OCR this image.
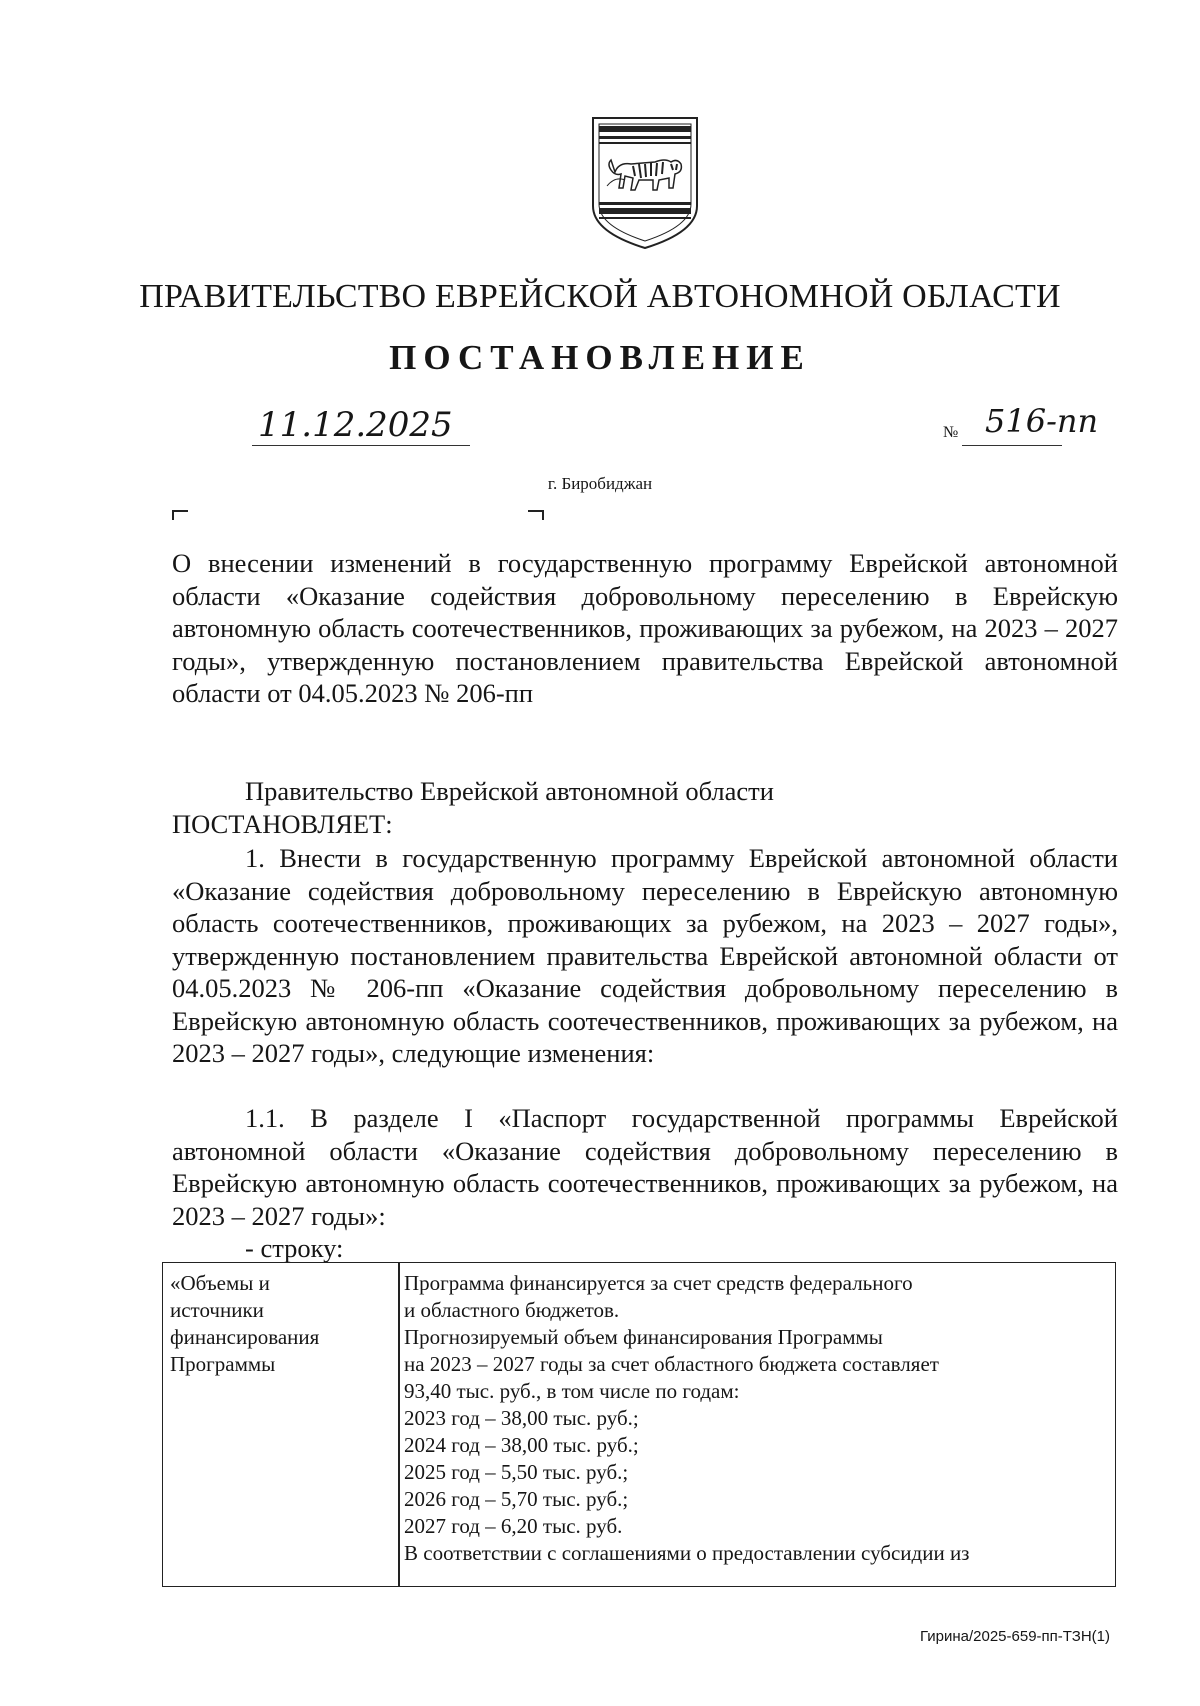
ПРАВИТЕЛЬСТВО ЕВРЕЙСКОЙ АВТОНОМНОЙ ОБЛАСТИ
ПОСТАНОВЛЕНИЕ
11.12.2025	№ 516-пп
г. Биробиджан
О внесении изменений в государственную программу Еврейской автономной области «Оказание содействия добровольному переселению в Еврейскую автономную область соотечественников, проживающих за рубежом, на 2023 – 2027 годы», утвержденную постановлением правительства Еврейской автономной области от 04.05.2023 № 206-пп
Правительство Еврейской автономной области
ПОСТАНОВЛЯЕТ:
1. Внести в государственную программу Еврейской автономной области «Оказание содействия добровольному переселению в Еврейскую автономную область соотечественников, проживающих за рубежом, на 2023 – 2027 годы», утвержденную постановлением правительства Еврейской автономной области от 04.05.2023 № 206-пп «Оказание содействия добровольному переселению в Еврейскую автономную область соотечественников, проживающих за рубежом, на 2023 – 2027 годы», следующие изменения:
1.1. В разделе I «Паспорт государственной программы Еврейской автономной области «Оказание содействия добровольному переселению в Еврейскую автономную область соотечественников, проживающих за рубежом, на 2023 – 2027 годы»:
- строку:
«Объемы и
источники
финансирования
Программы
Программа финансируется за счет средств федерального
и областного бюджетов.
Прогнозируемый объем финансирования Программы
на 2023 – 2027 годы за счет областного бюджета составляет
93,40 тыс. руб., в том числе по годам:
2023 год – 38,00 тыс. руб.;
2024 год – 38,00 тыс. руб.;
2025 год – 5,50 тыс. руб.;
2026 год – 5,70 тыс. руб.;
2027 год – 6,20 тыс. руб.
В соответствии с соглашениями о предоставлении субсидии из
Гирина/2025-659-пп-ТЗН(1)
